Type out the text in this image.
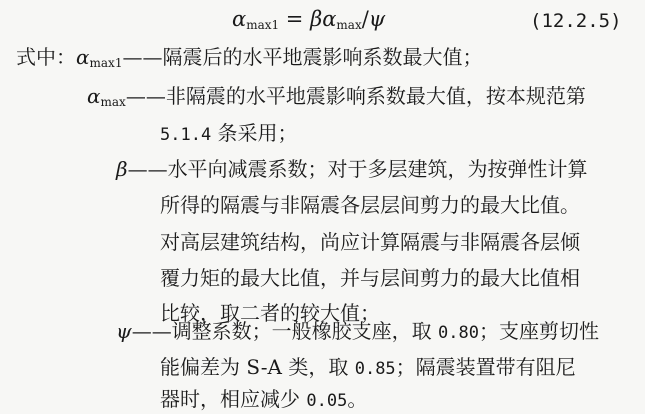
$\alpha_{max1} = \beta\alpha_{max}/\psi$	(12.2.5)
式中：$\alpha_{max1}——$隔震后的水平地震影响系数最大值；
$\alpha_{max}——$非隔震的水平地震影响系数最大值，按本规范第
5.1.4 条采用；
β——水平向减震系数；对于多层建筑，为按弹性计算
所得的隔震与非隔震各层层间剪力的最大比值。
对高层建筑结构，尚应计算隔震与非隔震各层倾
覆力矩的最大比值，并与层间剪力的最大比值相
比较，取二者的较大值；
ψ——调整系数；一般橡胶支座，取 0.80；支座剪切性
能偏差为 S-A 类，取 0.85；隔震装置带有阻尼
器时，相应减少 0.05。
